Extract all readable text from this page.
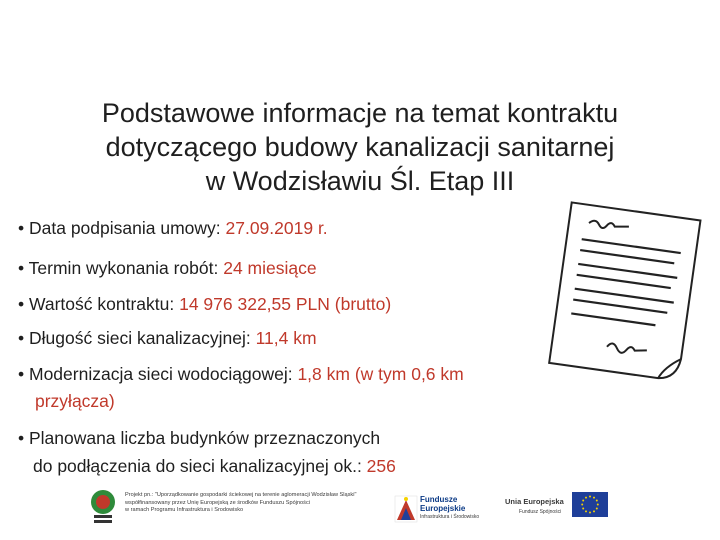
Podstawowe informacje na temat kontraktu
dotyczącego budowy kanalizacji sanitarnej
w Wodzisławiu Śl. Etap III
• Data podpisania umowy: 27.09.2019 r.
• Termin wykonania robót: 24 miesiące
• Wartość kontraktu: 14 976 322,55 PLN (brutto)
• Długość sieci kanalizacyjnej: 11,4 km
• Modernizacja sieci wodociągowej: 1,8 km (w tym 0,6 km
przyłącza)
• Planowana liczba budynków przeznaczonych
do podłączenia do sieci kanalizacyjnej ok.: 256
Projekt pn.: "Uporządkowanie gospodarki ściekowej na terenie aglomeracji Wodzisław Śląski"
współfinansowany przez Unię Europejską ze środków Funduszu Spójności
w ramach Programu Infrastruktura i Środowisko
Fundusze Europejskie
Infrastruktura i Środowisko
Unia Europejska
Fundusz Spójności
